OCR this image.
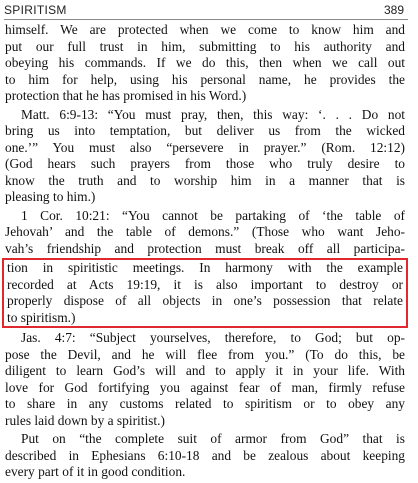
SPIRITISM	389
himself. We are protected when we come to know him and
put our full trust in him, submitting to his authority and
obeying his commands. If we do this, then when we call out
to him for help, using his personal name, he provides the
protection that he has promised in his Word.)
Matt. 6:9-13: “You must pray, then, this way: ‘. . . Do not
bring us into temptation, but deliver us from the wicked
one.’” You must also “persevere in prayer.” (Rom. 12:12)
(God hears such prayers from those who truly desire to
know the truth and to worship him in a manner that is
pleasing to him.)
1 Cor. 10:21: “You cannot be partaking of ‘the table of
Jehovah’ and the table of demons.” (Those who want Jeho-
vah’s friendship and protection must break off all participa-
tion in spiritistic meetings. In harmony with the example
recorded at Acts 19:19, it is also important to destroy or
properly dispose of all objects in one’s possession that relate
to spiritism.)
Jas. 4:7: “Subject yourselves, therefore, to God; but op-
pose the Devil, and he will flee from you.” (To do this, be
diligent to learn God’s will and to apply it in your life. With
love for God fortifying you against fear of man, firmly refuse
to share in any customs related to spiritism or to obey any
rules laid down by a spiritist.)
Put on “the complete suit of armor from God” that is
described in Ephesians 6:10-18 and be zealous about keeping
every part of it in good condition.
